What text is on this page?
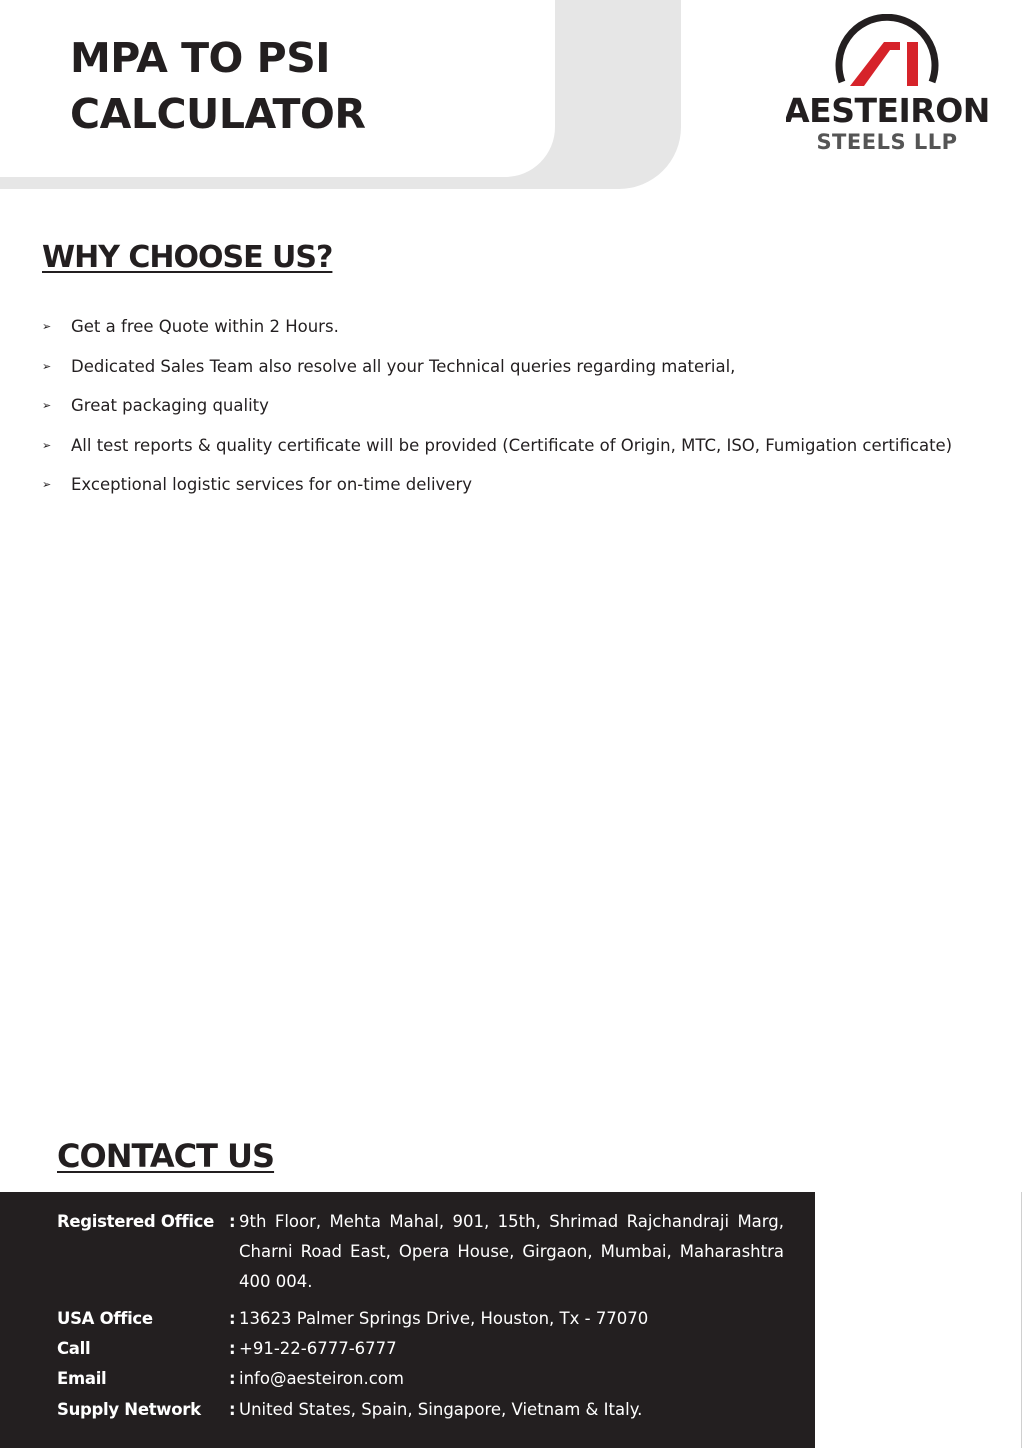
MPA TO PSI
CALCULATOR	AESTEIRON
STEELS LLP
WHY CHOOSE US?
➢	Get a free Quote within 2 Hours.
➢	Dedicated Sales Team also resolve all your Technical queries regarding material,
➢	Great packaging quality
➢	All test reports & quality certificate will be provided (Certificate of Origin, MTC, ISO, Fumigation certificate)
➢	Exceptional logistic services for on-time delivery
CONTACT US
Registered Office : 9th Floor, Mehta Mahal, 901, 15th, Shrimad Rajchandraji Marg, Charni Road East, Opera House, Girgaon, Mumbai, Maharashtra 400 004.
USA Office	: 13623 Palmer Springs Drive, Houston, Tx - 77070
Call	: +91-22-6777-6777
Email	: info@aesteiron.com
Supply Network	: United States, Spain, Singapore, Vietnam & Italy.
